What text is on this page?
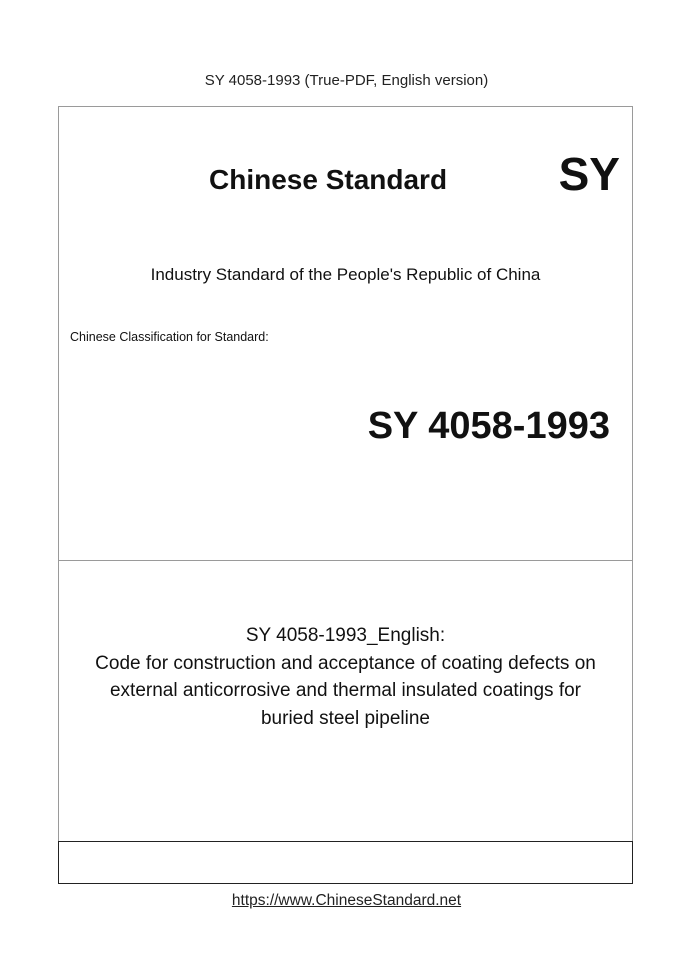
SY 4058-1993 (True-PDF, English version)
Chinese Standard SY
Industry Standard of the People's Republic of China
Chinese Classification for Standard:
SY 4058-1993
SY 4058-1993_English:
Code for construction and acceptance of coating defects on
external anticorrosive and thermal insulated coatings for
buried steel pipeline
https://www.ChineseStandard.net
